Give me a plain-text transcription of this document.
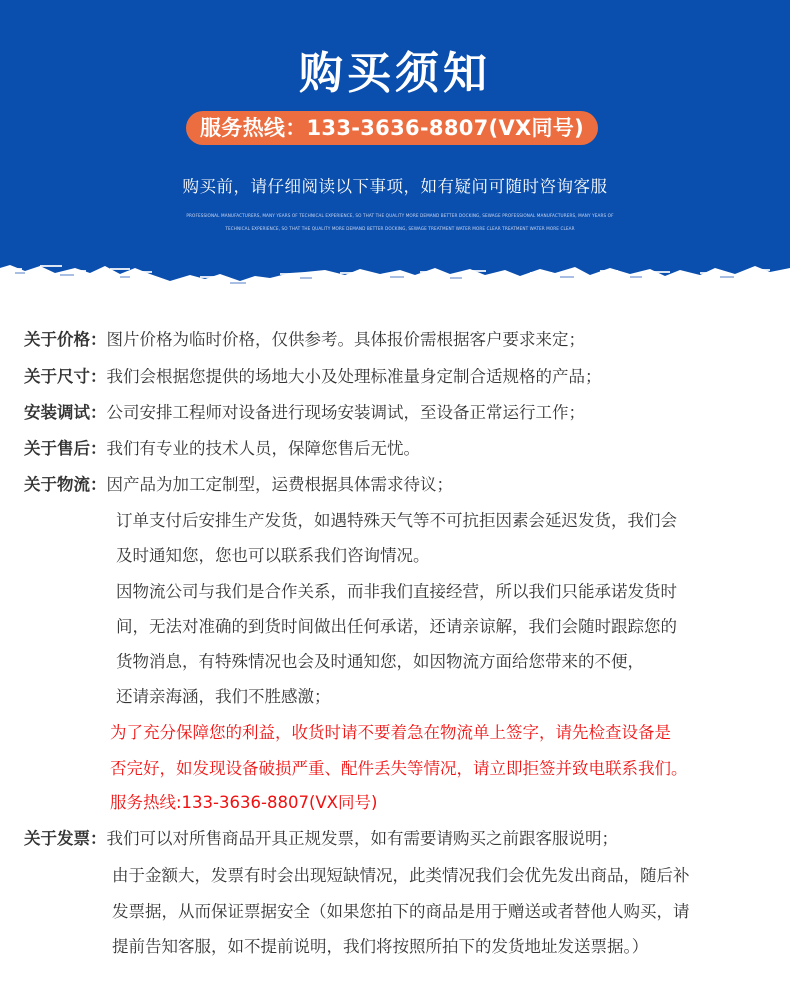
购买须知
服务热线：133-3636-8807(VX同号)
购买前，请仔细阅读以下事项，如有疑问可随时咨询客服
PROFESSIONAL MANUFACTURERS, MANY YEARS OF TECHNICAL EXPERIENCE, SO THAT THE QUALITY MORE DEMAND BETTER DOCKING, SEWAGE PROFESSIONAL MANUFACTURERS, MANY YEARS OF
TECHNICAL EXPERIENCE, SO THAT THE QUALITY MORE DEMAND BETTER DOCKING, SEWAGE TREATMENT WATER MORE CLEAR TREATMENT WATER MORE CLEAR
关于价格：图片价格为临时价格，仅供参考。具体报价需根据客户要求来定；
关于尺寸：我们会根据您提供的场地大小及处理标准量身定制合适规格的产品；
安装调试：公司安排工程师对设备进行现场安装调试，至设备正常运行工作；
关于售后：我们有专业的技术人员，保障您售后无忧。
关于物流：因产品为加工定制型，运费根据具体需求待议；
订单支付后安排生产发货，如遇特殊天气等不可抗拒因素会延迟发货，我们会
及时通知您，您也可以联系我们咨询情况。
因物流公司与我们是合作关系，而非我们直接经营，所以我们只能承诺发货时
间，无法对准确的到货时间做出任何承诺，还请亲谅解，我们会随时跟踪您的
货物消息，有特殊情况也会及时通知您，如因物流方面给您带来的不便，
还请亲海涵，我们不胜感激；
为了充分保障您的利益，收货时请不要着急在物流单上签字，请先检查设备是
否完好，如发现设备破损严重、配件丢失等情况，请立即拒签并致电联系我们。
服务热线:133-3636-8807(VX同号)
关于发票：我们可以对所售商品开具正规发票，如有需要请购买之前跟客服说明；
由于金额大，发票有时会出现短缺情况，此类情况我们会优先发出商品，随后补
发票据，从而保证票据安全（如果您拍下的商品是用于赠送或者替他人购买，请
提前告知客服，如不提前说明，我们将按照所拍下的发货地址发送票据。）
